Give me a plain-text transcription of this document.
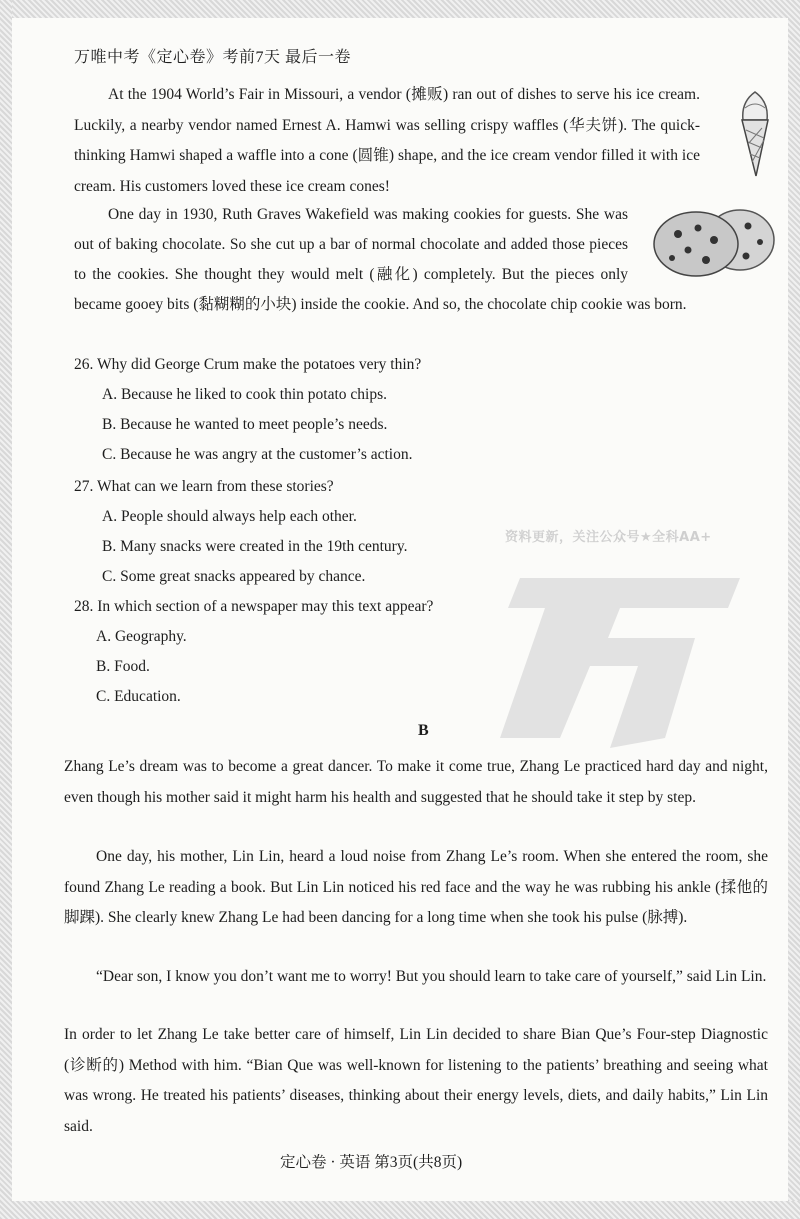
万唯中考《定心卷》考前7天 最后一卷
资料更新，关注公众号★全科AA+

At the 1904 World’s Fair in Missouri, a vendor (摊贩) ran out of dishes to serve his ice cream. Luckily, a nearby vendor named Ernest A. Hamwi was selling crispy waffles (华夫饼). The quick-thinking Hamwi shaped a waffle into a cone (圆锥) shape, and the ice cream vendor filled it with ice cream. His customers loved these ice cream cones!

One day in 1930, Ruth Graves Wakefield was making cookies for guests. She was out of baking chocolate. So she cut up a bar of normal chocolate and added those pieces to the cookies. She thought they would melt (融化) completely. But the pieces only became gooey bits (黏糊糊的小块) inside the cookie. And so, the chocolate chip cookie was born.

26. Why did George Crum make the potatoes very thin?
A. Because he liked to cook thin potato chips.
B. Because he wanted to meet people’s needs.
C. Because he was angry at the customer’s action.
27. What can we learn from these stories?
A. People should always help each other.
B. Many snacks were created in the 19th century.
C. Some great snacks appeared by chance.
28. In which section of a newspaper may this text appear?
A. Geography.
B. Food.
C. Education.
B

Zhang Le’s dream was to become a great dancer. To make it come true, Zhang Le practiced hard day and night, even though his mother said it might harm his health and suggested that he should take it step by step.

One day, his mother, Lin Lin, heard a loud noise from Zhang Le’s room. When she entered the room, she found Zhang Le reading a book. But Lin Lin noticed his red face and the way he was rubbing his ankle (揉他的脚踝). She clearly knew Zhang Le had been dancing for a long time when she took his pulse (脉搏).

“Dear son, I know you don’t want me to worry! But you should learn to take care of yourself,” said Lin Lin.

In order to let Zhang Le take better care of himself, Lin Lin decided to share Bian Que’s Four-step Diagnostic (诊断的) Method with him. “Bian Que was well-known for listening to the patients’ breathing and seeing what was wrong. He treated his patients’ diseases, thinking about their energy levels, diets, and daily habits,” Lin Lin said.

定心卷 · 英语 第3页(共8页)
